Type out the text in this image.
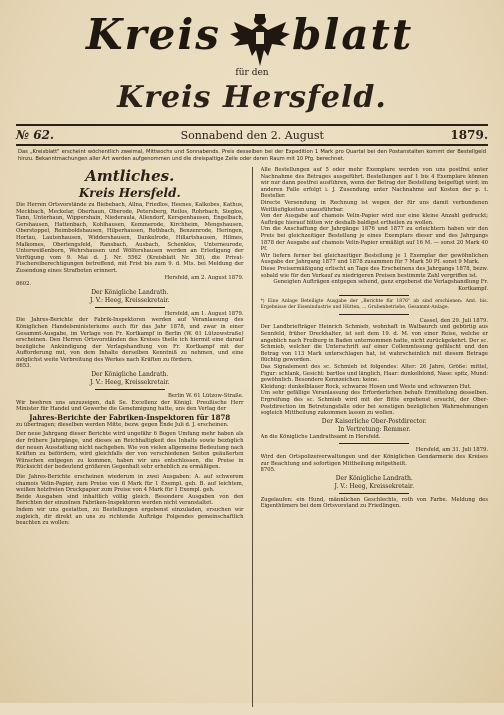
Kreis blatt
für den
Kreis Hersfeld.
№ 62.	Sonnabend den 2. August	1879.
Das „Kreisblatt" erscheint wöchentlich zweimal, Mittwochs und Sonnabends. Preis desselben bei der Expedition 1 Mark pro Quartal bei den Postanstalten kommt der Bestellgeld hinzu. Bekanntmachungen aller Art werden aufgenommen und die dreispaltige Zeile oder deren Raum mit 10 Pfg. berechnet.
Amtliches.
Kreis Hersfeld.

Die Herren Ortsvorstände zu Biebebach, Allna, Friedlos, Heenes, Kalkobes, Kathus, Meckbach, Meckelar, Oberhaun, Oberode, Petersberg, Reilos, Rohrbach, Sieglos, Tann, Unterhaun, Wippershain, Niederaula, Allendorf, Kerspenhausen, Engelbach, Gershausen, Hattenbach, Kohlhausen, Kemmerode, Kirchheim, Mengshausen, Oberstoppel, Reimboldshausen, Hilperhausen, Rothbach, Benzenrode, Heringen, Hortau, Lautenhausen, Widdershausen, Dankelrode, Hillartshausen, Hilmes, Malkomes, Oberlengsfeld, Ransbach, Ausbach, Schenklos, Unterneurode, Unterweißenborn, Wehrshausen und Wölfershausen werden an Erledigung der Verfügung vom 9. Mai d. J. Nr. 5562 (Kreisblatt Nr. 38), die Privat-Fischereiberechtigungen betreffend, mit Frist bis zum 9. d. Mts. bei Meldung der Zusendung eines Strafboten erinnert.

Hersfeld, am 2. August 1879.

8602.

Der Königliche Landrath.

J. V.: Heeg, Kreissekretair.

Hersfeld, am 1. August 1879.

Die Jahres-Berichte der Fabrik-Inspektoren werden auf Veranlassung des Königlichen Handelsministeriums auch für das Jahr 1878, und zwar in einer Gesammt-Ausgabe, im Verlage von Fr. Kortkampf in Berlin (W. 61 Lützowstraße) erscheinen. Den Herren Ortsvorständen des Kreises theile ich hiermit eine darauf bezügliche Ankündigung der Verlagshandlung von Fr. Kortkampf mit der Aufforderung mit, von dem Inhalte derselben Kenntniß zu nehmen, und eine möglichst weite Verbreitung des Werkes nach Kräften zu fördern.

8653.

Der Königliche Landrath.

J. V.: Heeg, Kreissekretair.

Berlin W. 61 Lützow-Straße.

Wir beehren uns anzuzeigen, daß Se. Excellenz der Königl. Preußische Herr Minister für Handel und Gewerbe die Genehmigung hatte, uns den Verlag der

Jahres-Berichte der Fabriken-Inspektoren für 1878

zu übertragen; dieselben werden Mitte, bezw. gegen Ende Juli d. J. erscheinen.

Der neue Jahrgang dieser Berichte wird ungefähr 6 Bogen Umfang mehr haben als der frühere Jahrgänge, und dieses an Reichhaltigkeit des Inhalts sowie bezüglich der neuen Ausstattung nicht nachgeben. Wie von vielen allgemeine Bedeutung nach Kräften zu befördern, wird gleichfalls der von verschiedenen Seiten geäußerten Wünschen entgegen zu kommen, haben wir uns entschlossen, die Preise in Rücksicht der bedeutend größeren Gegenhalt sehr erheblich zu ermäßigen.

Die Jahres-Berichte erscheinen wiederum in zwei Ausgaben: A. auf schwerem chamois Velin-Papier, zum Preise von 6 Mark für 1 Exempl. geh. B. auf leichtem, weißen holzfreien Druckpapier zum Preise von 4 Mark für 1 Exempl. geh.

Beide Ausgaben sind inhaltlich völlig gleich. Besondere Ausgaben von den Berichten der einzelnen Fabriken-Inspektoren werden nicht veranstaltet.

Indem wir uns gestatten, zu Bestellungen ergebenst einzuladen, ersuchen wir zugleich, dir direkt an uns zu richtende Aufträge Folgendes gemeinschaftlich beachten zu wollen:

Alle Bestellungen auf 5 oder mehr Exemplare werden von uns postfrei unter Nachnahme des Betrages ausgeführt. Bestellungen auf 1 bis 4 Exemplare können wir nur dann postfrei ausführen, wenn der Betrag der Bestellung beigefügt wird; im anderen Falle erfolgt i. J. Zusendung unter Nachnahme auf Kosten der p. t. Besteller.

Directe Versendung in Rechnung ist wegen der für uns damit verbundenen Weitläufigkeiten unausführbar.

Von der Ausgabe auf chamois Velin-Papier wird nur eine kleine Anzahl gedruckt; Aufträge hierauf bitten wir deshalb baldigst ertheilen zu wollen.

Um die Anschaffung der Jahrgänge 1876 und 1877 zu erleichtern haben wir den Preis bei gleichzeitiger Bestellung je eines Exemplars dieser und des Jahrgangs 1878 der Ausgabe auf chamois Velin-Papier ermäßigt auf 16 M. — sonst 20 Mark 40 Pf.

Wir liefern ferner bei gleichzeitiger Bestellung je 1 Exemplar der gewöhnlichen Ausgabe der Jahrgang 1877 und 1878 zusammen für 7 Mark 50 Pf. sonst 9 Mark.

Diese Preisermäßigung erlischt an Tage des Erscheinens des Jahrgangs 1878, bezw. sobald wie für den Verkauf zu niedrigeren Preisen bestimmte Zahl vergriffen ist.

Geneigten Aufträgen entgegen sehend, ganz ergebenst die Verlagshandlung Fr. Kortkampf.

*) Eine Anlage Beteiligte Ausgabe der „Berichte für 1876" ab sind erschienen: Amt. bis. Ergebnisse der Eisenindustrie und Hütten. ... Grubenbetriebe, Gesammt-Anlage.

Cassel, den 29. Juli 1879.

Der Landbriefträger Heinrich Schmieb, wohnhaft in Walbaurch und gebürtig aus Sennfeld, früher Dreckhalter, ist seit dem 19. d. M. von einer Reise, welche er angeblich nach Freiburg in Baden unternommen hatte, nicht zurückgekehrt. Der sc. Schmieb, welcher die Unterschrift auf einer Collenmüssung gefälscht und den Betrag von 113 Mark unterschlagen hat, ist wahrscheinlich mit diesem Betrage flüchtig geworden.

Das Signalement des sc. Schmieb ist folgendes: Alter: 26 Jahre, Größe: mittel, Figur: schlank, Gesicht: bartlos und länglich, Haar: dunkelblond, Nase: spitz, Mund: gewöhnlich. Besondere Kennzeichen: keine.

Kleidung: dunkelblauer Rock, schwarze Hosen und Weste und schwarzen Hut.

Um sehr gefällige Veranlassung des Erforderlichen behufs Ermittelung desselben. Ergreifung des sc. Schmieb wird mit der Bitte ergebenst ersucht, der Ober-Postdirection im Betretungsfalle oder bei sonstigen bezüglichen Wahrnehmungen sogleich Mittheilung zukommen lassen zu wollen.

Der Kaiserliche Ober-Postdirector.

In Vertretung: Remmer.

An die Königliche Landrathsamt in Hersfeld.

Hersfeld, am 31. Juli 1879.

Wird den Ortspolizeiverwaltungen und der Königlichen Gendarmerie des Kreises zur Beachtung und sofortigen Mittheilung mitgetheilt.

8705.

Der Königliche Landrath.

J. V.: Heeg, Kreissekretair.

Zugelaufen: ein Hund, männlichen Geschlechts, roth von Farbe. Meldung des Eigenthümers bei dem Ortsvorstand zu Friedlingen.
